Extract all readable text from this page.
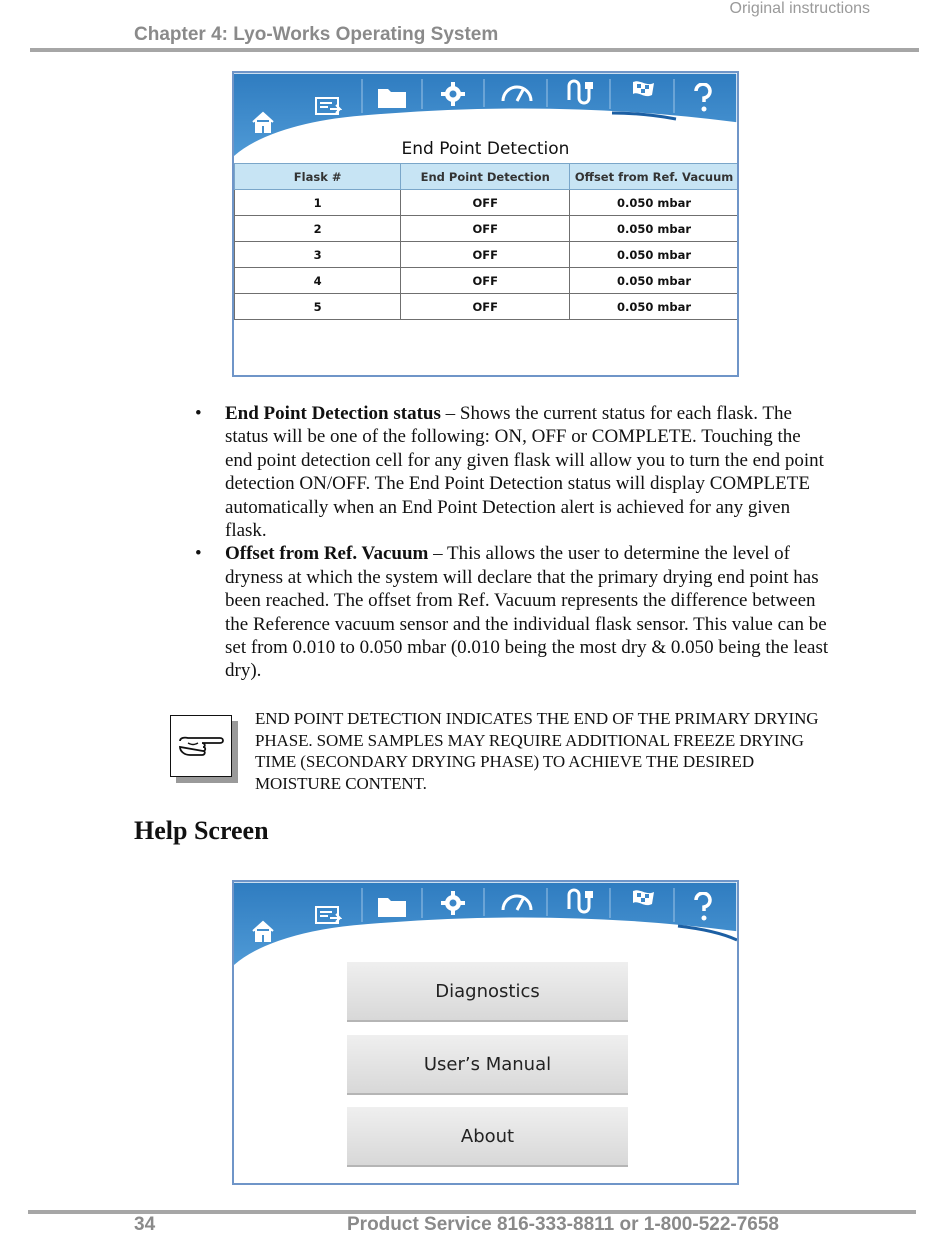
Original instructions
Chapter 4: Lyo-Works Operating System
End Point Detection
Flask #	End Point Detection	Offset from Ref. Vacuum
1	OFF	0.050 mbar
2	OFF	0.050 mbar
3	OFF	0.050 mbar
4	OFF	0.050 mbar
5	OFF	0.050 mbar
• End Point Detection status – Shows the current status for each flask. The status will be one of the following: ON, OFF or COMPLETE. Touching the end point detection cell for any given flask will allow you to turn the end point detection ON/OFF. The End Point Detection status will display COMPLETE automatically when an End Point Detection alert is achieved for any given flask.
• Offset from Ref. Vacuum – This allows the user to determine the level of dryness at which the system will declare that the primary drying end point has been reached. The offset from Ref. Vacuum represents the difference between the Reference vacuum sensor and the individual flask sensor. This value can be set from 0.010 to 0.050 mbar (0.010 being the most dry & 0.050 being the least dry).
END POINT DETECTION INDICATES THE END OF THE PRIMARY DRYING PHASE. SOME SAMPLES MAY REQUIRE ADDITIONAL FREEZE DRYING TIME (SECONDARY DRYING PHASE) TO ACHIEVE THE DESIRED MOISTURE CONTENT.
Help Screen
Diagnostics
User’s Manual
About
34	Product Service 816-333-8811 or 1-800-522-7658
